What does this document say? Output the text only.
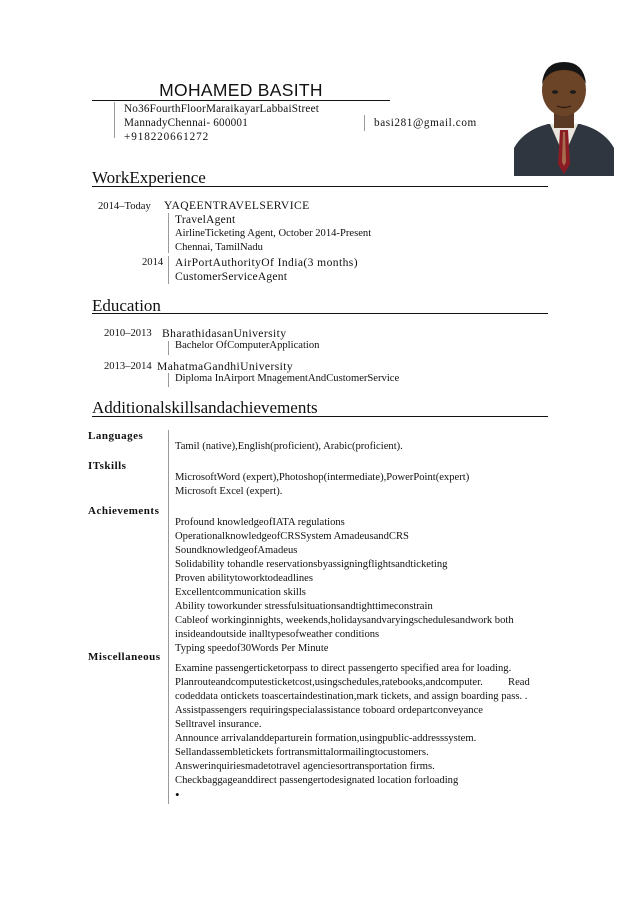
MOHAMED BASITH
No36FourthFloorMaraikayarLabbaiStreet
MannadyChennai- 600001
+918220661272
basi281@gmail.com
WorkExperience
2014–Today YAQEENTRAVELSERVICE
TravelAgent
AirlineTicketing Agent, October 2014-Present
Chennai, TamilNadu
2014 AirPortAuthorityOf India(3 months)
CustomerServiceAgent
Education
2010–2013 BharathidasanUniversity
Bachelor OfComputerApplication
2013–2014 MahatmaGandhiUniversity
Diploma InAirport MnagementAndCustomerService
Additionalskillsandachievements
Languages
Tamil (native),English(proficient), Arabic(proficient).
ITskills
MicrosoftWord (expert),Photoshop(intermediate),PowerPoint(expert)
Microsoft Excel (expert).
Achievements
Profound knowledgeofIATA regulations
OperationalknowledgeofCRSSystem AmadeusandCRS
SoundknowledgeofAmadeus
Solidability tohandle reservationsbyassigningflightsandticketing
Proven abilitytoworktodeadlines
Excellentcommunication skills
Ability toworkunder stressfulsituationsandtighttimeconstrain
Cableof workinginnights, weekends,holidaysandvaryingschedulesandwork both
insideandoutside inalltypesofweather conditions
Typing speedof30Words Per Minute
Miscellaneous
Examine passengerticketorpass to direct passengerto specified area for loading.
Planrouteandcomputesticketcost,usingschedules,ratebooks,andcomputer. Read
codeddata ontickets toascertaindestination,mark tickets, and assign boarding pass. .
Assistpassengers requiringspecialassistance toboard ordepartconveyance
Selltravel insurance.
Announce arrivalanddeparturein formation,usingpublic-addresssystem.
Sellandassembletickets fortransmittalormailingtocustomers.
Answerinquiriesmadetotravel agenciesortransportation firms.
Checkbaggageanddirect passengertodesignated location forloading
•
